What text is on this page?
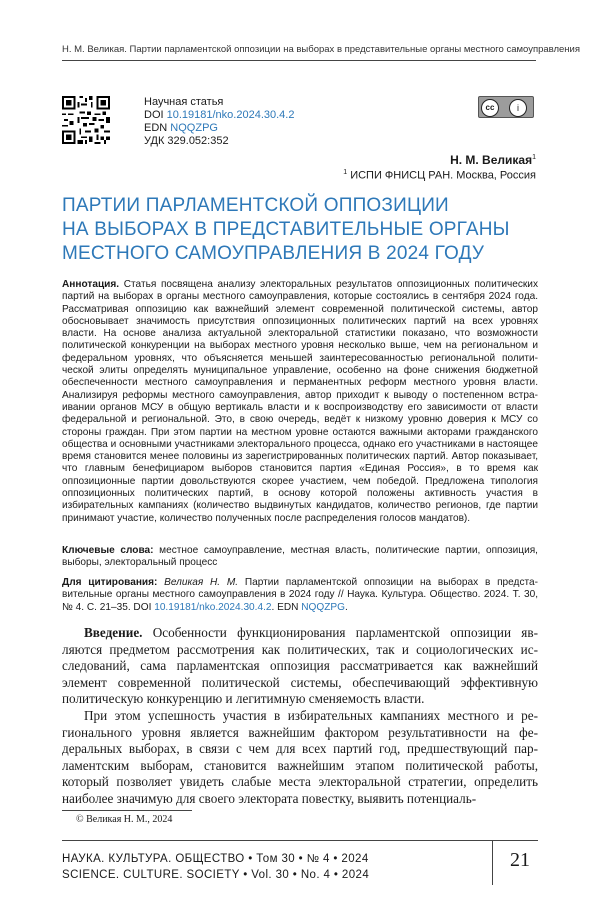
Н. М. Великая. Партии парламентской оппозиции на выборах в представительные органы местного самоуправления
Научная статья
DOI 10.19181/nko.2024.30.4.2
EDN NQQZPG
УДК 329.052:352
cc	i
Н. М. Великая$^1$
$^1$ ИСПИ ФНИСЦ РАН. Москва, Россия
ПАРТИИ ПАРЛАМЕНТСКОЙ ОППОЗИЦИИ
НА ВЫБОРАХ В ПРЕДСТАВИТЕЛЬНЫЕ ОРГАНЫ
МЕСТНОГО САМОУПРАВЛЕНИЯ В 2024 ГОДУ

Аннотация. Статья посвящена анализу электоральных результатов оппозиционных политических партий на выборах в органы местного самоуправления, которые состоялись в сентября 2024 года. Рассматривая оппозицию как важнейший элемент современной политической системы, автор обосновывает значимость присутствия оппозиционных политических партий на всех уровнях власти. На основе анализа актуальной электоральной статистики показано, что возможности политической конкуренции на выборах местного уровня несколько выше, чем на региональном и федеральном уровнях, что объясняется меньшей заинтересованностью региональной политической элиты определять муниципальное управление, особенно на фоне снижения бюджетной обеспеченности местного самоуправления и перманентных реформ местного уровня власти. Анализируя реформы местного самоуправления, автор приходит к выводу о постепенном встраивании органов МСУ в общую вертикаль власти и к воспроизводству его зависимости от власти федеральной и региональной. Это, в свою очередь, ведёт к низкому уровню доверия к МСУ со стороны граждан. При этом партии на местном уровне остаются важными акторами гражданского общества и основными участниками электорального процесса, однако его участниками в настоящее время становится менее половины из зарегистрированных политических партий. Автор показывает, что главным бенефициаром выборов становится партия «Единая Россия», в то время как оппозиционные партии довольствуются скорее участием, чем победой. Предложена типология оппозиционных политических партий, в основу которой положены активность участия в избирательных кампаниях (количество выдвинутых кандидатов, количество регионов, где партии принимают участие, количество полученных после распределения голосов мандатов).

Ключевые слова: местное самоуправление, местная власть, политические партии, оппозиция, выборы, электоральный процесс

Для цитирования: Великая Н. М. Партии парламентской оппозиции на выборах в представительные органы местного самоуправления в 2024 году // Наука. Культура. Общество. 2024. Т. 30, № 4. С. 21–35. DOI 10.19181/nko.2024.30.4.2. EDN NQQZPG.

Введение. Особенности функционирования парламентской оппозиции являются предметом рассмотрения как политических, так и социологических исследований, сама парламентская оппозиция рассматривается как важнейший элемент современной политической системы, обеспечивающий эффективную политическую конкуренцию и легитимную сменяемость власти.

При этом успешность участия в избирательных кампаниях местного и регионального уровня является важнейшим фактором результативности на федеральных выборах, в связи с чем для всех партий год, предшествующий парламентским выборам, становится важнейшим этапом политической работы, который позволяет увидеть слабые места электоральной стратегии, определить наиболее значимую для своего электората повестку, выявить потенциаль-

© Великая Н. М., 2024
НАУКА. КУЛЬТУРА. ОБЩЕСТВО • Том 30 • № 4 • 2024
SCIENCE. CULTURE. SOCIETY • Vol. 30 • No. 4 • 2024
21
